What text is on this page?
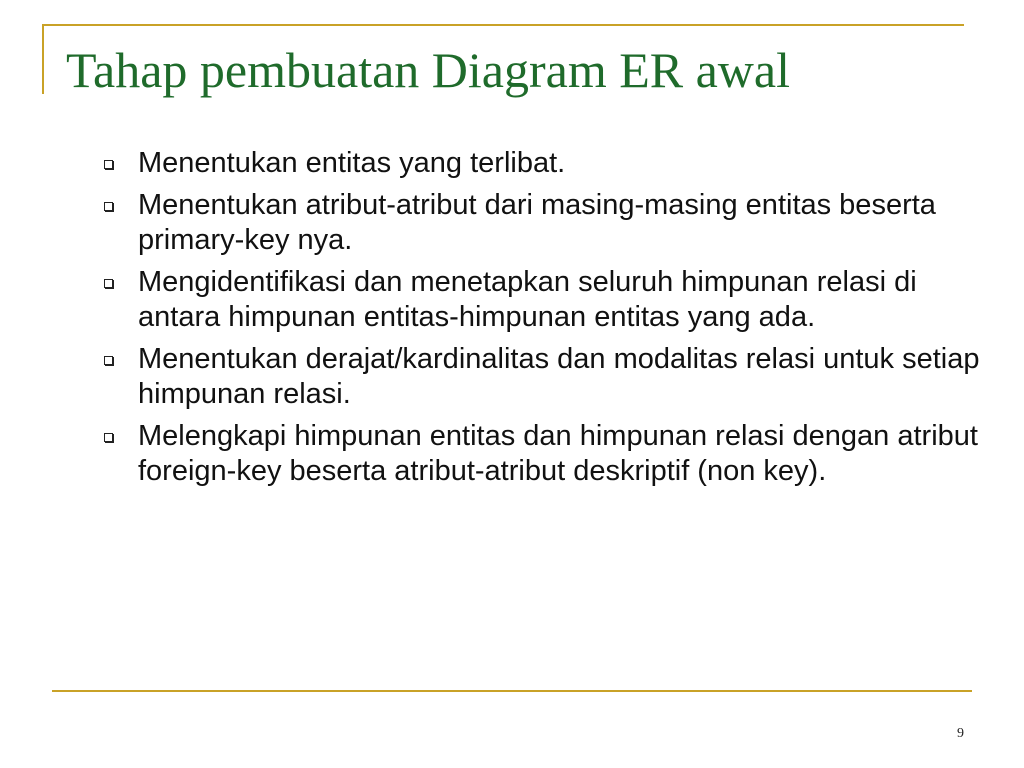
Tahap pembuatan Diagram ER awal
Menentukan entitas yang terlibat.
Menentukan atribut-atribut dari masing-masing entitas beserta primary-key nya.
Mengidentifikasi dan menetapkan seluruh himpunan relasi di antara himpunan entitas-himpunan entitas yang ada.
Menentukan derajat/kardinalitas dan modalitas relasi untuk setiap himpunan relasi.
Melengkapi himpunan entitas dan himpunan relasi dengan atribut foreign-key beserta atribut-atribut deskriptif (non key).
9
